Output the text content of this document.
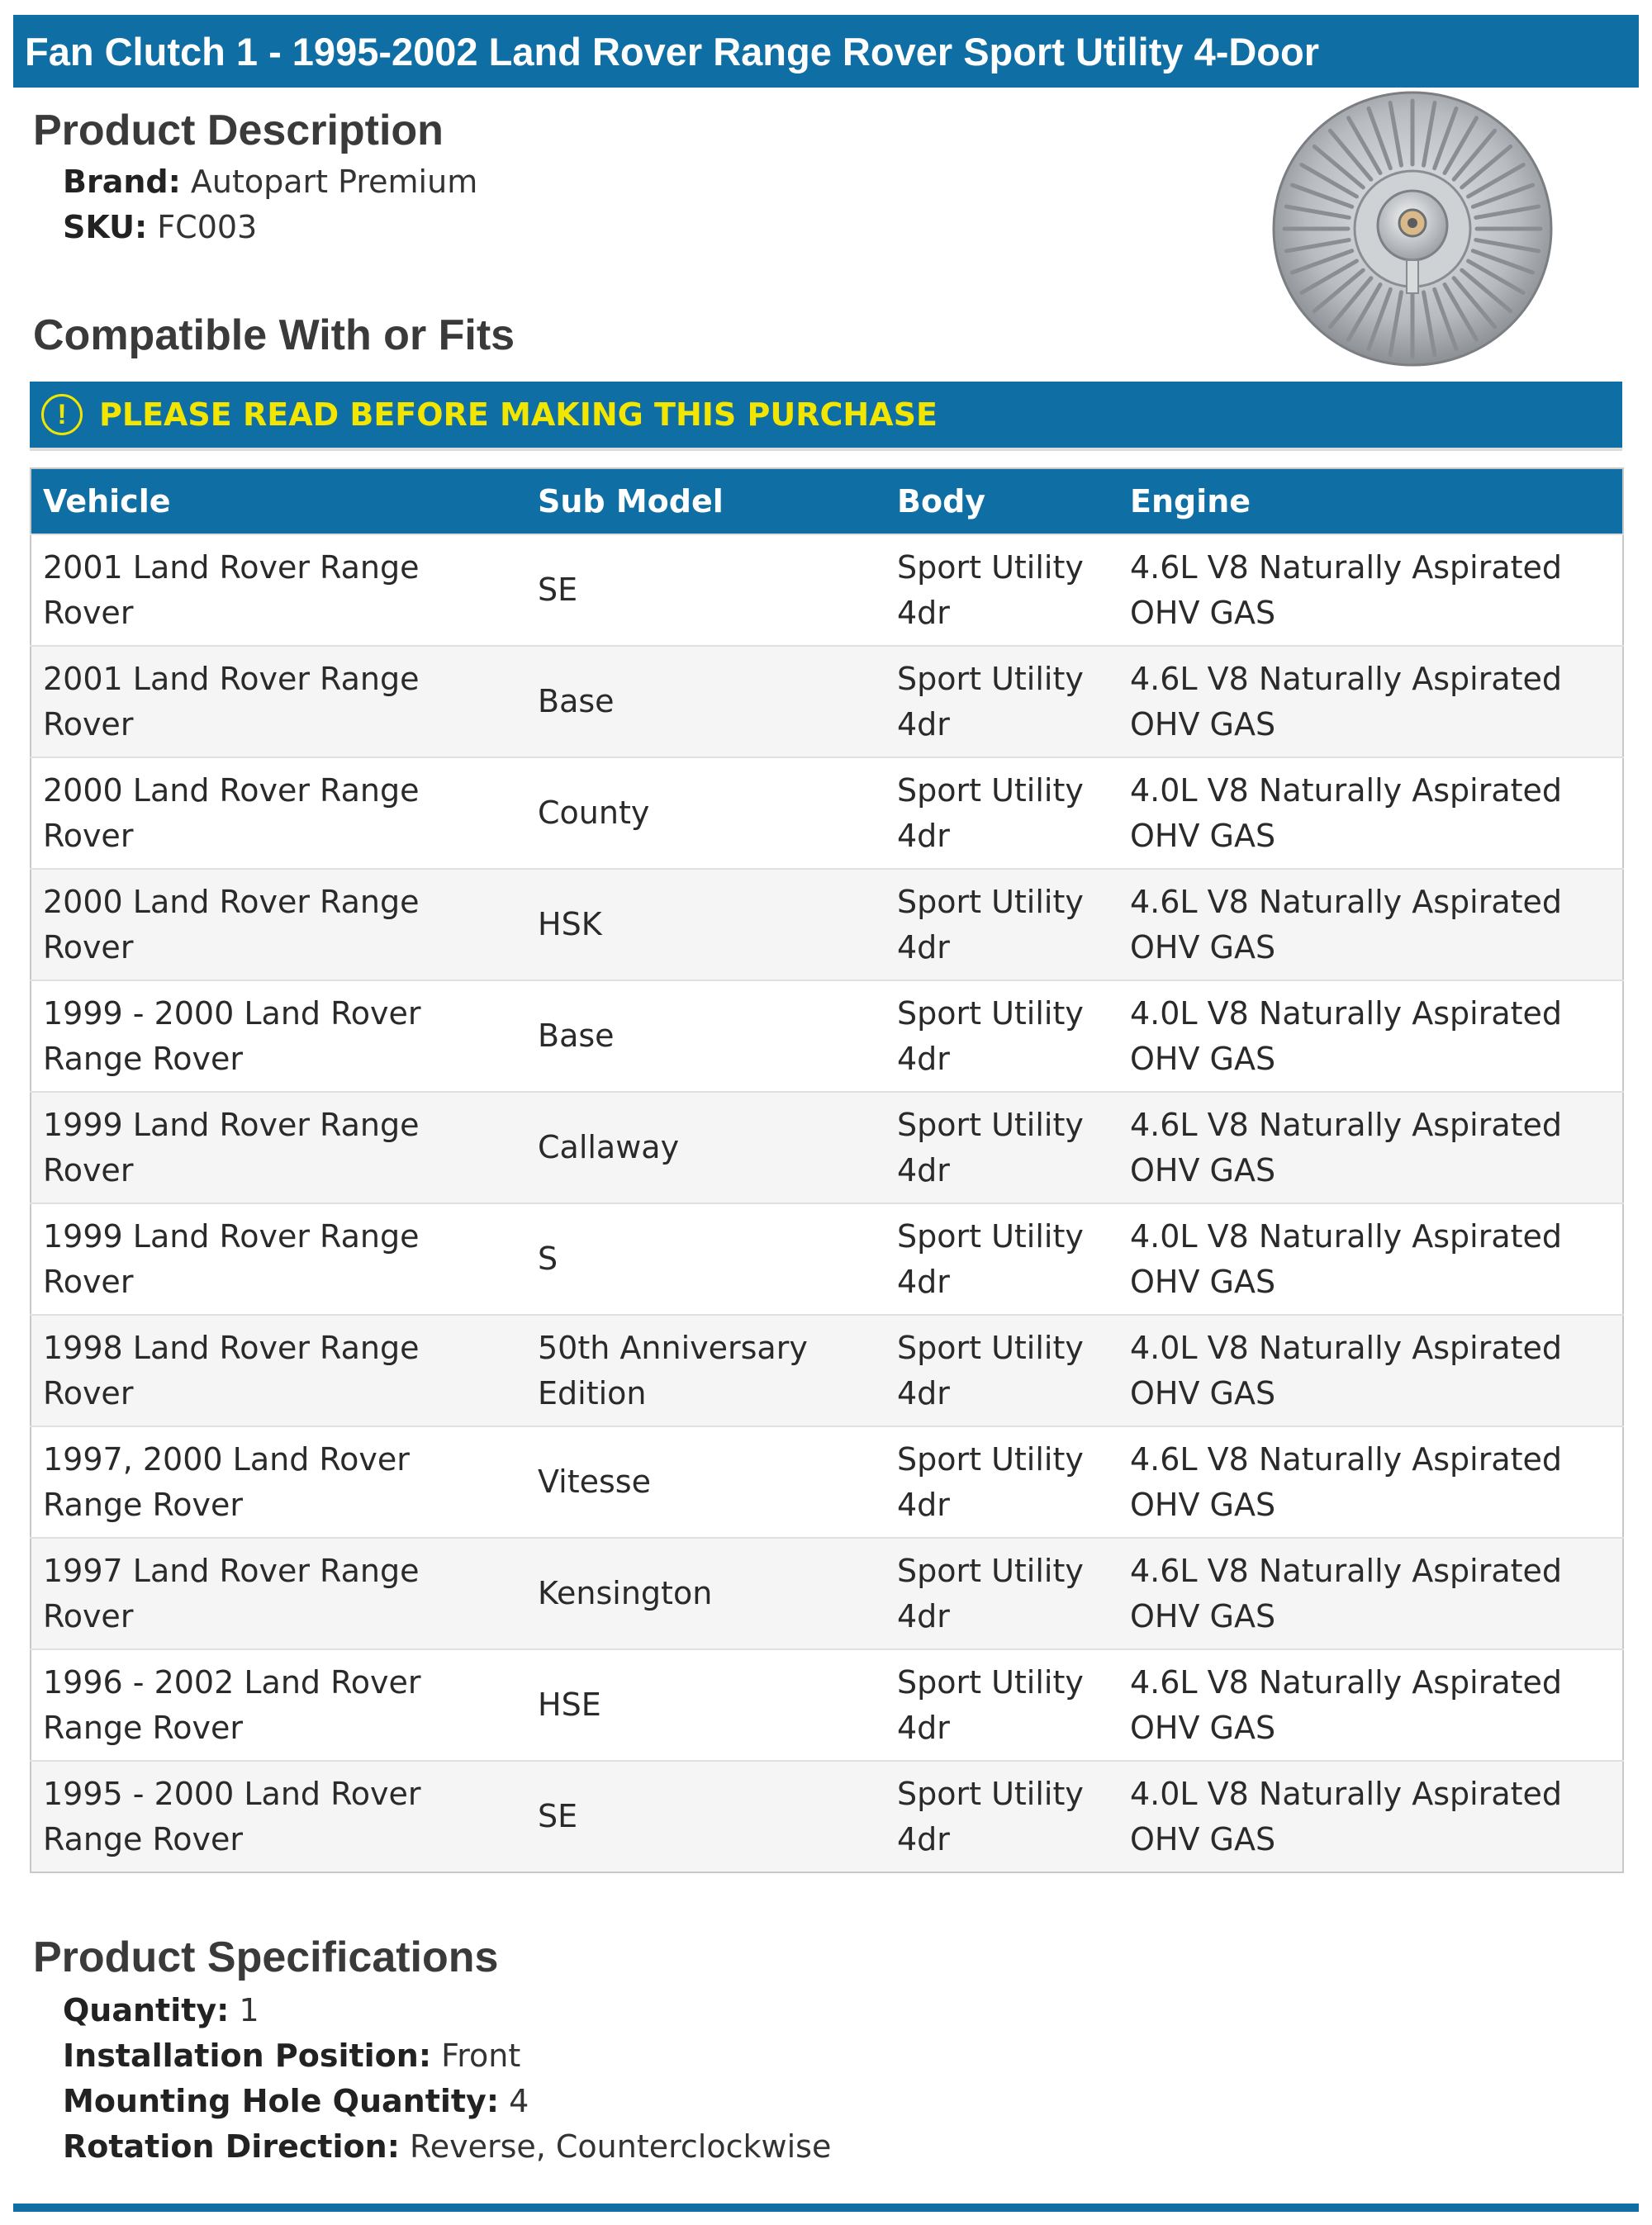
Fan Clutch 1 - 1995-2002 Land Rover Range Rover Sport Utility 4-Door
Product Description
Brand: Autopart Premium
SKU: FC003
Compatible With or Fits
!	PLEASE READ BEFORE MAKING THIS PURCHASE
Vehicle	Sub Model	Body	Engine
2001 Land Rover Range Rover	SE	Sport Utility 4dr	4.6L V8 Naturally Aspirated OHV GAS
2001 Land Rover Range Rover	Base	Sport Utility 4dr	4.6L V8 Naturally Aspirated OHV GAS
2000 Land Rover Range Rover	County	Sport Utility 4dr	4.0L V8 Naturally Aspirated OHV GAS
2000 Land Rover Range Rover	HSK	Sport Utility 4dr	4.6L V8 Naturally Aspirated OHV GAS
1999 - 2000 Land Rover Range Rover	Base	Sport Utility 4dr	4.0L V8 Naturally Aspirated OHV GAS
1999 Land Rover Range Rover	Callaway	Sport Utility 4dr	4.6L V8 Naturally Aspirated OHV GAS
1999 Land Rover Range Rover	S	Sport Utility 4dr	4.0L V8 Naturally Aspirated OHV GAS
1998 Land Rover Range Rover	50th Anniversary Edition	Sport Utility 4dr	4.0L V8 Naturally Aspirated OHV GAS
1997, 2000 Land Rover Range Rover	Vitesse	Sport Utility 4dr	4.6L V8 Naturally Aspirated OHV GAS
1997 Land Rover Range Rover	Kensington	Sport Utility 4dr	4.6L V8 Naturally Aspirated OHV GAS
1996 - 2002 Land Rover Range Rover	HSE	Sport Utility 4dr	4.6L V8 Naturally Aspirated OHV GAS
1995 - 2000 Land Rover Range Rover	SE	Sport Utility 4dr	4.0L V8 Naturally Aspirated OHV GAS
Product Specifications
Quantity: 1
Installation Position: Front
Mounting Hole Quantity: 4
Rotation Direction: Reverse, Counterclockwise
